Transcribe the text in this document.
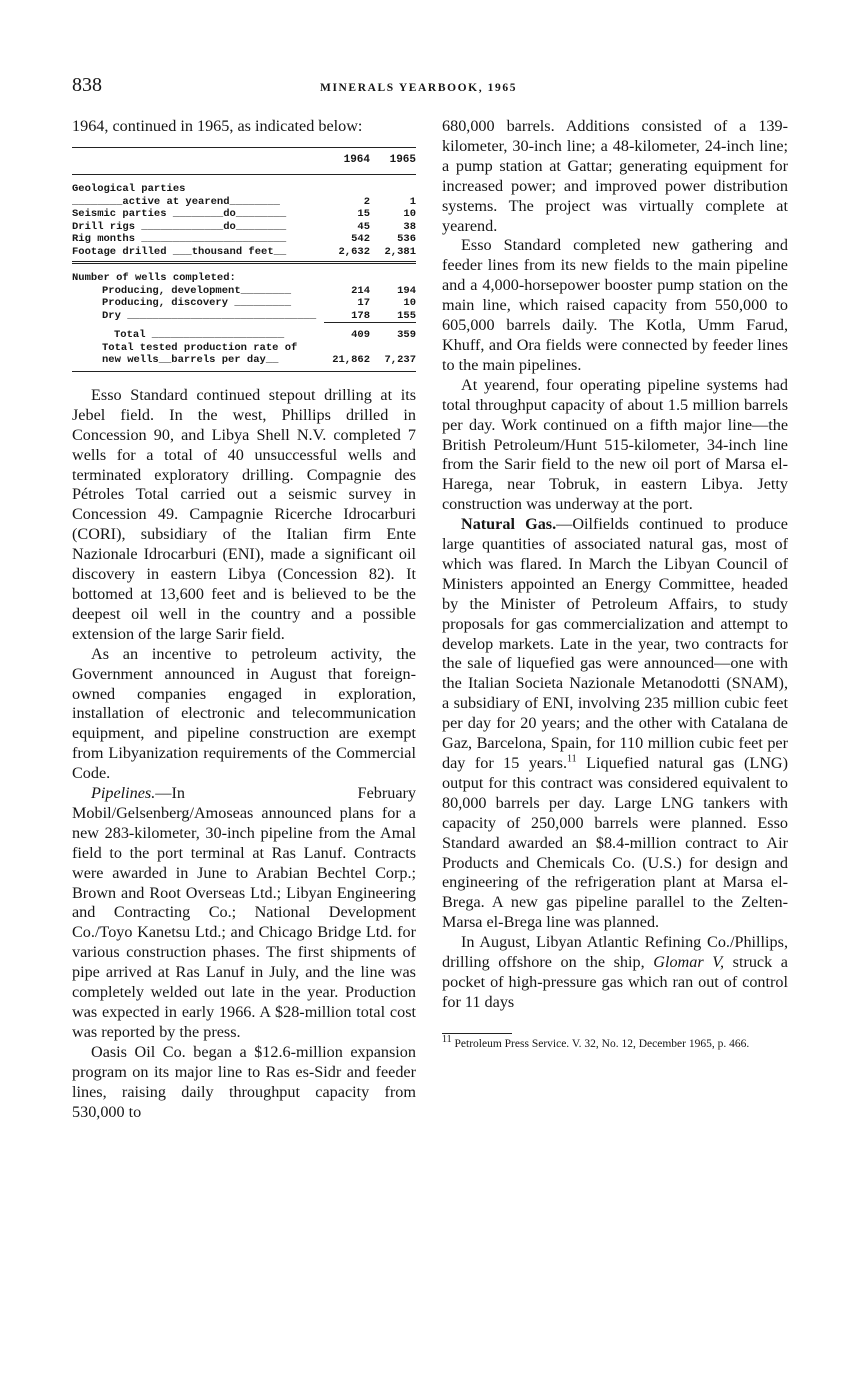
838	MINERALS YEARBOOK, 1965

1964, continued in 1965, as indicated below:

	1964	1965
Geological parties		
________active at yearend________	2	1
Seismic parties ________do________	15	10
Drill rigs _____________do________	45	38
Rig months _______________________	542	536
Footage drilled ___thousand feet__	2,632	2,381
Number of wells completed:		
Producing, development________	214	194
Producing, discovery _________	17	10
Dry ______________________________	178	155
Total _____________________	409	359
Total tested production rate of		
new wells__barrels per day__	21,862	7,237

Esso Standard continued stepout drilling at its Jebel field. In the west, Phillips drilled in Concession 90, and Libya Shell N.V. completed 7 wells for a total of 40 unsuccessful wells and terminated exploratory drilling. Compagnie des Pétroles Total carried out a seismic survey in Concession 49. Campagnie Ricerche Idrocarburi (CORI), subsidiary of the Italian firm Ente Nazionale Idrocarburi (ENI), made a significant oil discovery in eastern Libya (Concession 82). It bottomed at 13,600 feet and is believed to be the deepest oil well in the country and a possible extension of the large Sarir field.

As an incentive to petroleum activity, the Government announced in August that foreign-owned companies engaged in exploration, installation of electronic and telecommunication equipment, and pipeline construction are exempt from Libyanization requirements of the Commercial Code.

Pipelines.—In February Mobil/Gelsenberg/Amoseas announced plans for a new 283-kilometer, 30-inch pipeline from the Amal field to the port terminal at Ras Lanuf. Contracts were awarded in June to Arabian Bechtel Corp.; Brown and Root Overseas Ltd.; Libyan Engineering and Contracting Co.; National Development Co./Toyo Kanetsu Ltd.; and Chicago Bridge Ltd. for various construction phases. The first shipments of pipe arrived at Ras Lanuf in July, and the line was completely welded out late in the year. Production was expected in early 1966. A $28-million total cost was reported by the press.

Oasis Oil Co. began a $12.6-million expansion program on its major line to Ras es-Sidr and feeder lines, raising daily throughput capacity from 530,000 to

680,000 barrels. Additions consisted of a 139-kilometer, 30-inch line; a 48-kilometer, 24-inch line; a pump station at Gattar; generating equipment for increased power; and improved power distribution systems. The project was virtually complete at yearend.

Esso Standard completed new gathering and feeder lines from its new fields to the main pipeline and a 4,000-horsepower booster pump station on the main line, which raised capacity from 550,000 to 605,000 barrels daily. The Kotla, Umm Farud, Khuff, and Ora fields were connected by feeder lines to the main pipelines.

At yearend, four operating pipeline systems had total throughput capacity of about 1.5 million barrels per day. Work continued on a fifth major line—the British Petroleum/Hunt 515-kilometer, 34-inch line from the Sarir field to the new oil port of Marsa el-Harega, near Tobruk, in eastern Libya. Jetty construction was underway at the port.

Natural Gas.—Oilfields continued to produce large quantities of associated natural gas, most of which was flared. In March the Libyan Council of Ministers appointed an Energy Committee, headed by the Minister of Petroleum Affairs, to study proposals for gas commercialization and attempt to develop markets. Late in the year, two contracts for the sale of liquefied gas were announced—one with the Italian Societa Nazionale Metanodotti (SNAM), a subsidiary of ENI, involving 235 million cubic feet per day for 20 years; and the other with Catalana de Gaz, Barcelona, Spain, for 110 million cubic feet per day for 15 years.$^{11}$ Liquefied natural gas (LNG) output for this contract was considered equivalent to 80,000 barrels per day. Large LNG tankers with capacity of 250,000 barrels were planned. Esso Standard awarded an $8.4-million contract to Air Products and Chemicals Co. (U.S.) for design and engineering of the refrigeration plant at Marsa el-Brega. A new gas pipeline parallel to the Zelten-Marsa el-Brega line was planned.

In August, Libyan Atlantic Refining Co./Phillips, drilling offshore on the ship, Glomar V, struck a pocket of high-pressure gas which ran out of control for 11 days

$^{11}$ Petroleum Press Service. V. 32, No. 12, December 1965, p. 466.
